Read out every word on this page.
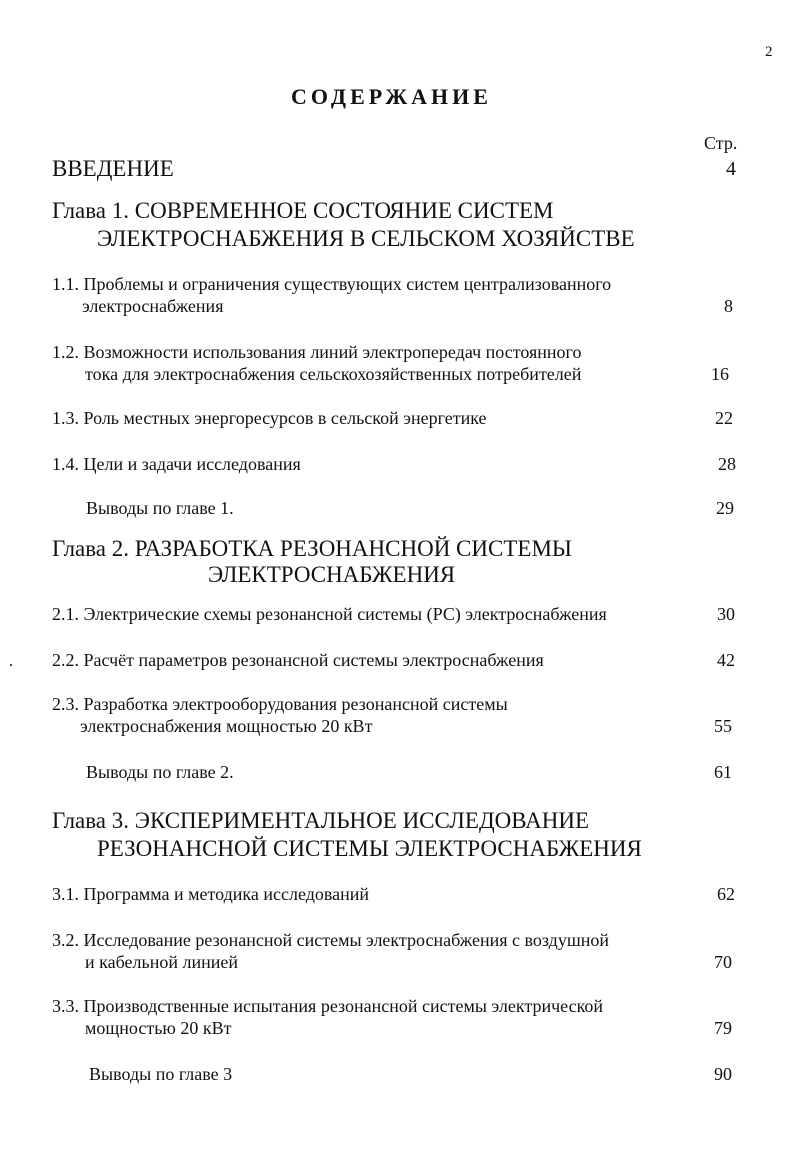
2
СОДЕРЖАНИЕ
Стр.
ВВЕДЕНИЕ	4
Глава 1. СОВРЕМЕННОЕ СОСТОЯНИЕ СИСТЕМ
ЭЛЕКТРОСНАБЖЕНИЯ В СЕЛЬСКОМ ХОЗЯЙСТВЕ
1.1. Проблемы и ограничения существующих систем централизованного
электроснабжения	8
1.2. Возможности использования линий электропередач постоянного
тока для электроснабжения сельскохозяйственных потребителей	16
1.3. Роль местных энергоресурсов в сельской энергетике	22
1.4. Цели и задачи исследования	28
Выводы по главе 1.	29
Глава 2. РАЗРАБОТКА РЕЗОНАНСНОЙ СИСТЕМЫ
ЭЛЕКТРОСНАБЖЕНИЯ
2.1. Электрические схемы резонансной системы (РС) электроснабжения	30
2.2. Расчёт параметров резонансной системы электроснабжения	42
2.3. Разработка электрооборудования резонансной системы
электроснабжения мощностью 20 кВт	55
Выводы по главе 2.	61
Глава 3. ЭКСПЕРИМЕНТАЛЬНОЕ ИССЛЕДОВАНИЕ
РЕЗОНАНСНОЙ СИСТЕМЫ ЭЛЕКТРОСНАБЖЕНИЯ
3.1. Программа и методика исследований	62
3.2. Исследование резонансной системы электроснабжения с воздушной
и кабельной линией	70
3.3. Производственные испытания резонансной системы электрической
мощностью 20 кВт	79
Выводы по главе 3	90
